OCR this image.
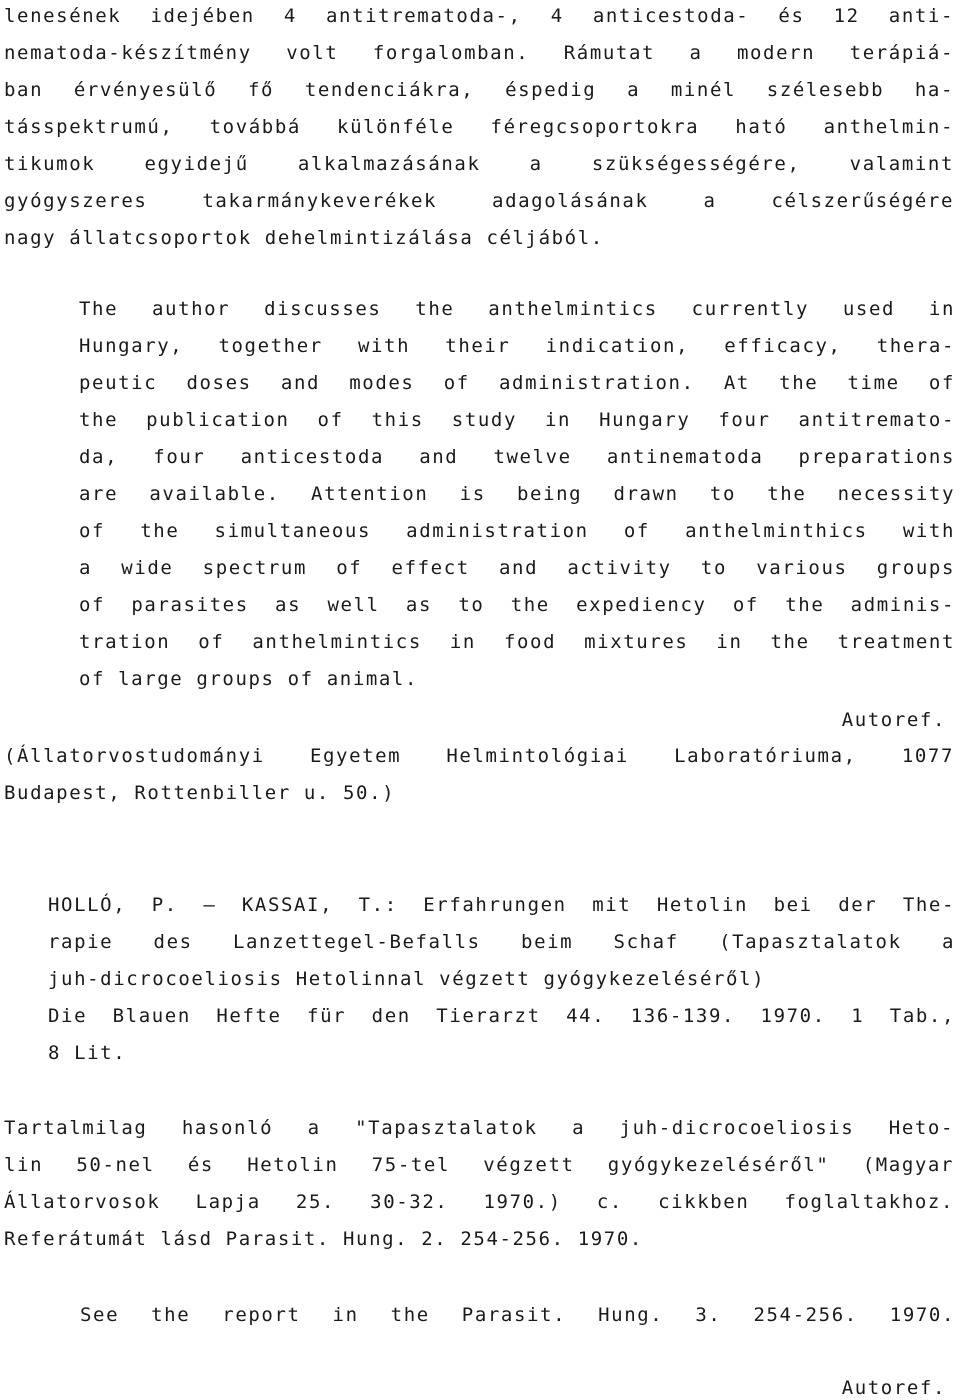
lenesének idejében 4 antitrematoda-, 4 anticestoda- és 12 anti-
nematoda-készítmény volt forgalomban. Rámutat a modern terápiá-
ban érvényesülő fő tendenciákra, éspedig a minél szélesebb ha-
tásspektrumú, továbbá különféle féregcsoportokra ható anthelmin-
tikumok egyidejű alkalmazásának a szükségességére, valamint
gyógyszeres takarmánykeverékek adagolásának a célszerűségére
nagy állatcsoportok dehelmintizálása céljából.
The author discusses the anthelmintics currently used in
Hungary, together with their indication, efficacy, thera-
peutic doses and modes of administration. At the time of
the publication of this study in Hungary four antitremato-
da, four anticestoda and twelve antinematoda preparations
are available. Attention is being drawn to the necessity
of the simultaneous administration of anthelminthics with
a wide spectrum of effect and activity to various groups
of parasites as well as to the expediency of the adminis-
tration of anthelmintics in food mixtures in the treatment
of large groups of animal.
Autoref.
(Állatorvostudományi Egyetem Helmintológiai Laboratóriuma, 1077
Budapest, Rottenbiller u. 50.)
HOLLÓ, P. — KASSAI, T.: Erfahrungen mit Hetolin bei der The-
rapie des Lanzettegel-Befalls beim Schaf (Tapasztalatok a
juh-dicrocoeliosis Hetolinnal végzett gyógykezeléséről)
Die Blauen Hefte für den Tierarzt 44. 136-139. 1970. 1 Tab.,
8 Lit.
Tartalmilag hasonló a "Tapasztalatok a juh-dicrocoeliosis Heto-
lin 50-nel és Hetolin 75-tel végzett gyógykezeléséről" (Magyar
Állatorvosok Lapja 25. 30-32. 1970.) c. cikkben foglaltakhoz.
Referátumát lásd Parasit. Hung. 2. 254-256. 1970.
See the report in the Parasit. Hung. 3. 254-256. 1970.
Autoref.
